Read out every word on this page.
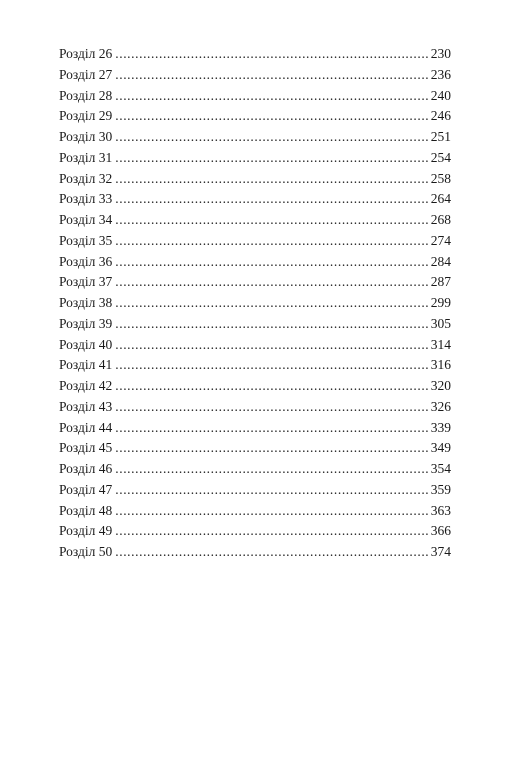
Розділ 26 .....	230
Розділ 27 .....	236
Розділ 28 .....	240
Розділ 29 .....	246
Розділ 30 .....	251
Розділ 31 .....	254
Розділ 32 .....	258
Розділ 33 .....	264
Розділ 34 .....	268
Розділ 35 .....	274
Розділ 36 .....	284
Розділ 37 .....	287
Розділ 38 .....	299
Розділ 39 .....	305
Розділ 40 .....	314
Розділ 41 .....	316
Розділ 42 .....	320
Розділ 43 .....	326
Розділ 44 .....	339
Розділ 45 .....	349
Розділ 46 .....	354
Розділ 47 .....	359
Розділ 48 .....	363
Розділ 49 .....	366
Розділ 50 .....	374
